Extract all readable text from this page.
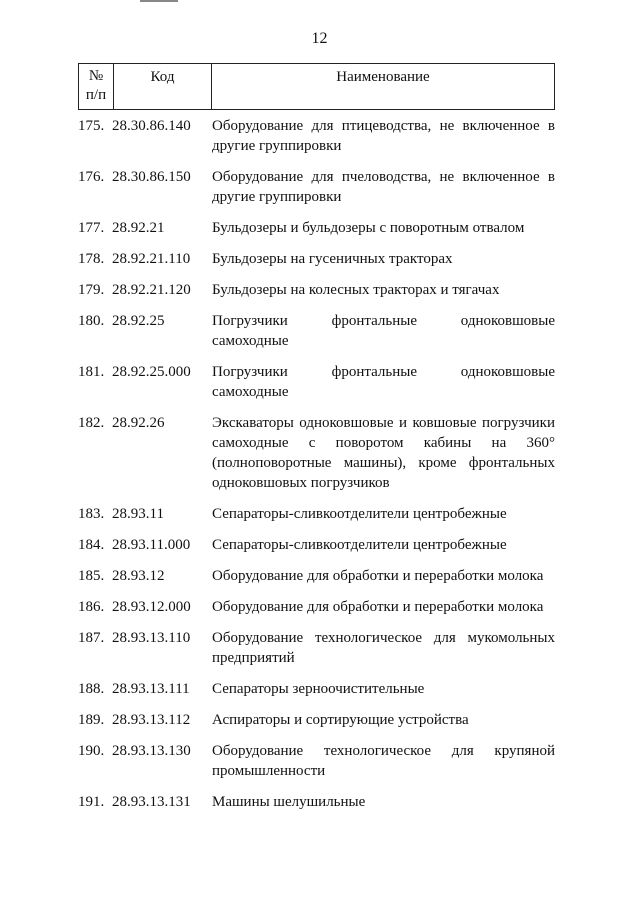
12
№
п/п
Код	Наименование
175. 28.30.86.140	Оборудование для птицеводства, не включенное в другие группировки
176. 28.30.86.150	Оборудование для пчеловодства, не включенное в другие группировки
177. 28.92.21	Бульдозеры и бульдозеры с поворотным отвалом
178. 28.92.21.110	Бульдозеры на гусеничных тракторах
179. 28.92.21.120	Бульдозеры на колесных тракторах и тягачах
180. 28.92.25	Погрузчики фронтальные одноковшовые самоходные
181. 28.92.25.000	Погрузчики фронтальные одноковшовые самоходные
182. 28.92.26	Экскаваторы одноковшовые и ковшовые погрузчики самоходные с поворотом кабины на 360° (полноповоротные машины), кроме фронтальных одноковшовых погрузчиков
183. 28.93.11	Сепараторы-сливкоотделители центробежные
184. 28.93.11.000	Сепараторы-сливкоотделители центробежные
185. 28.93.12	Оборудование для обработки и переработки молока
186. 28.93.12.000	Оборудование для обработки и переработки молока
187. 28.93.13.110	Оборудование технологическое для мукомольных предприятий
188. 28.93.13.111	Сепараторы зерноочистительные
189. 28.93.13.112	Аспираторы и сортирующие устройства
190. 28.93.13.130	Оборудование технологическое для крупяной промышленности
191. 28.93.13.131	Машины шелушильные
